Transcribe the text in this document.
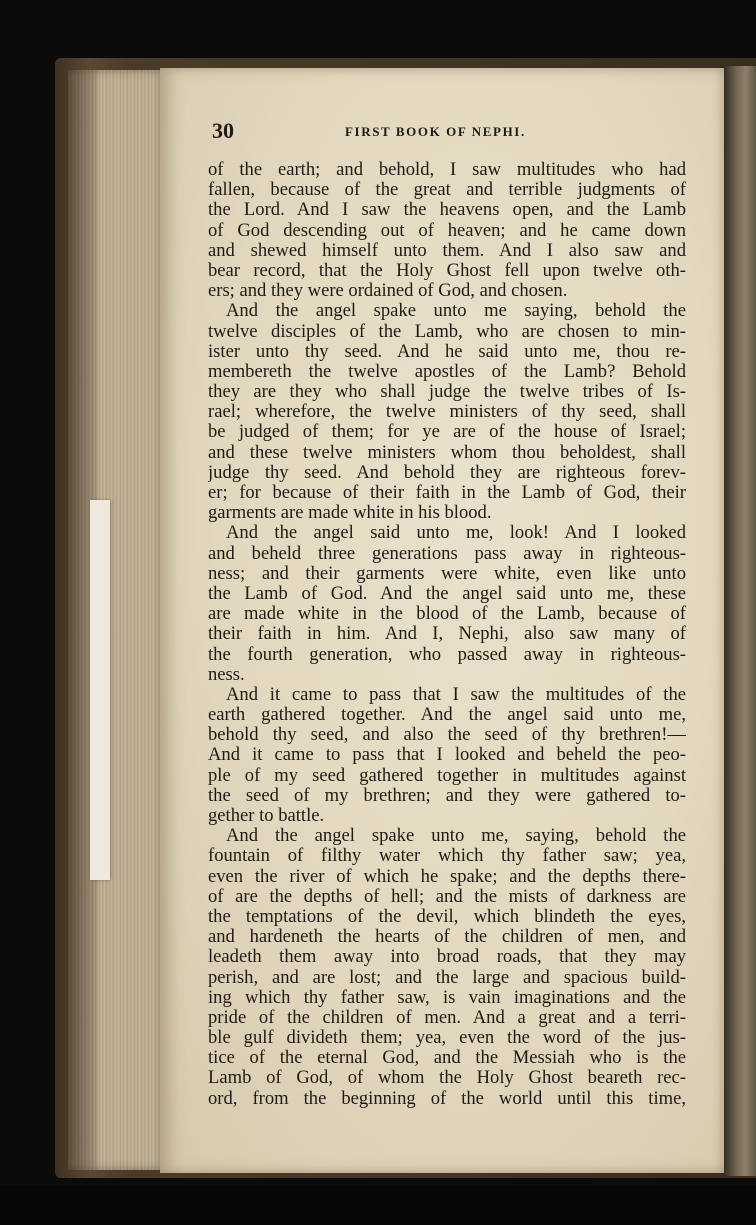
30	FIRST BOOK OF NEPHI.
of the earth; and behold, I saw multitudes who had
fallen, because of the great and terrible judgments of
the Lord. And I saw the heavens open, and the Lamb
of God descending out of heaven; and he came down
and shewed himself unto them. And I also saw and
bear record, that the Holy Ghost fell upon twelve oth-
ers; and they were ordained of God, and chosen.
And the angel spake unto me saying, behold the
twelve disciples of the Lamb, who are chosen to min-
ister unto thy seed. And he said unto me, thou re-
membereth the twelve apostles of the Lamb? Behold
they are they who shall judge the twelve tribes of Is-
rael; wherefore, the twelve ministers of thy seed, shall
be judged of them; for ye are of the house of Israel;
and these twelve ministers whom thou beholdest, shall
judge thy seed. And behold they are righteous forev-
er; for because of their faith in the Lamb of God, their
garments are made white in his blood.
And the angel said unto me, look! And I looked
and beheld three generations pass away in righteous-
ness; and their garments were white, even like unto
the Lamb of God. And the angel said unto me, these
are made white in the blood of the Lamb, because of
their faith in him. And I, Nephi, also saw many of
the fourth generation, who passed away in righteous-
ness.
And it came to pass that I saw the multitudes of the
earth gathered together. And the angel said unto me,
behold thy seed, and also the seed of thy brethren!—
And it came to pass that I looked and beheld the peo-
ple of my seed gathered together in multitudes against
the seed of my brethren; and they were gathered to-
gether to battle.
And the angel spake unto me, saying, behold the
fountain of filthy water which thy father saw; yea,
even the river of which he spake; and the depths there-
of are the depths of hell; and the mists of darkness are
the temptations of the devil, which blindeth the eyes,
and hardeneth the hearts of the children of men, and
leadeth them away into broad roads, that they may
perish, and are lost; and the large and spacious build-
ing which thy father saw, is vain imaginations and the
pride of the children of men. And a great and a terri-
ble gulf divideth them; yea, even the word of the jus-
tice of the eternal God, and the Messiah who is the
Lamb of God, of whom the Holy Ghost beareth rec-
ord, from the beginning of the world until this time,
